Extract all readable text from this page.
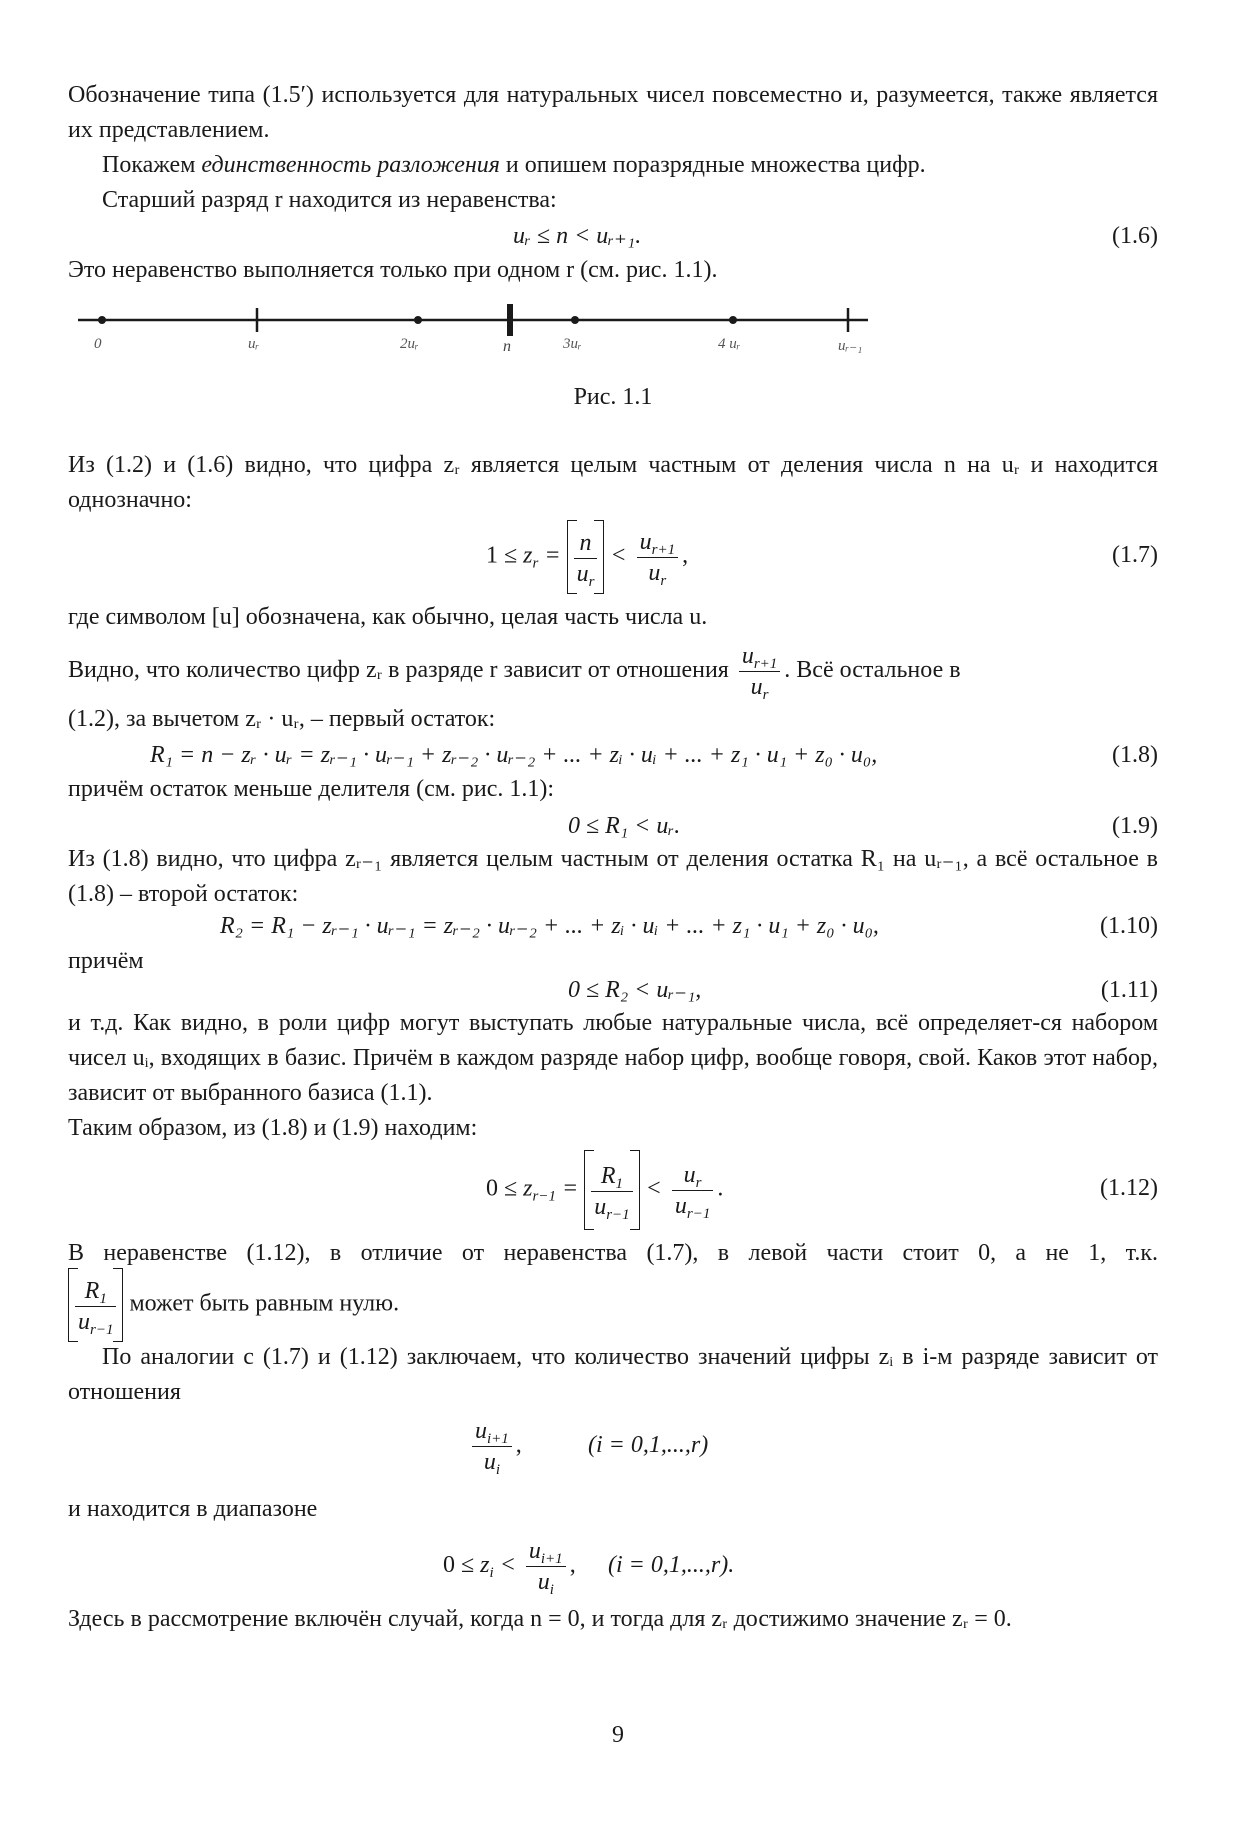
Обозначение типа (1.5′) используется для натуральных чисел повсеместно и, разумеется, также является их представлением.
Покажем единственность разложения и опишем поразрядные множества цифр.
Старший разряд r находится из неравенства:
uᵣ ≤ n < uᵣ₊₁.	(1.6)
Это неравенство выполняется только при одном r (см. рис. 1.1).
0	uᵣ	2uᵣ	n	3uᵣ	4 uᵣ	uᵣ₋₁
Рис. 1.1
Из (1.2) и (1.6) видно, что цифра zᵣ является целым частным от деления числа n на uᵣ и находится однозначно:
$1 \le z_r = \frac{n}{u_r} < \frac{u_{r+1}}{u_r}$ ,	(1.7)
где символом [u] обозначена, как обычно, целая часть числа u.
Видно, что количество цифр zᵣ в разряде r зависит от отношения $\frac{u_{r+1}}{u_r}$ . Всё остальное в
(1.2), за вычетом zᵣ · uᵣ, – первый остаток:
R₁ = n − zᵣ · uᵣ = zᵣ₋₁ · uᵣ₋₁ + zᵣ₋₂ · uᵣ₋₂ + ... + zᵢ · uᵢ + ... + z₁ · u₁ + z₀ · u₀,	(1.8)
причём остаток меньше делителя (см. рис. 1.1):
0 ≤ R₁ < uᵣ.	(1.9)
Из (1.8) видно, что цифра zᵣ₋₁ является целым частным от деления остатка R₁ на uᵣ₋₁, а всё остальное в (1.8) – второй остаток:
R₂ = R₁ − zᵣ₋₁ · uᵣ₋₁ = zᵣ₋₂ · uᵣ₋₂ + ... + zᵢ · uᵢ + ... + z₁ · u₁ + z₀ · u₀,	(1.10)
причём
0 ≤ R₂ < uᵣ₋₁,	(1.11)
и т.д. Как видно, в роли цифр могут выступать любые натуральные числа, всё определяет-ся набором чисел uᵢ, входящих в базис. Причём в каждом разряде набор цифр, вообще говоря, свой. Каков этот набор, зависит от выбранного базиса (1.1).
Таким образом, из (1.8) и (1.9) находим:
$0 \le z_{r-1} = \frac{R_1}{u_{r-1}} < \frac{u_r}{u_{r-1}}$ .	(1.12)
В неравенстве (1.12), в отличие от неравенства (1.7), в левой части стоит 0, а не 1, т.к.
$\frac{R_1}{u_{r-1}}$ может быть равным нулю.
По аналогии с (1.7) и (1.12) заключаем, что количество значений цифры zᵢ в i-м разряде зависит от отношения
$\frac{u_{i+1}}{u_i}$ ,	(i = 0,1,...,r)
и находится в диапазоне
$0 \le z_i < \frac{u_{i+1}}{u_i}$ , (i = 0,1,...,r).
Здесь в рассмотрение включён случай, когда n = 0, и тогда для zᵣ достижимо значение zᵣ = 0.
9
